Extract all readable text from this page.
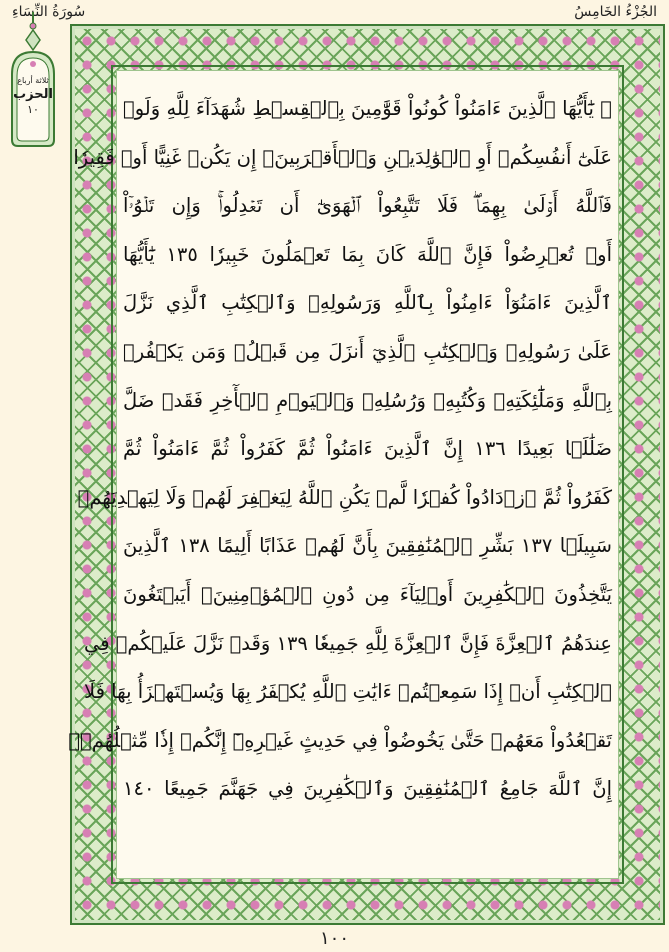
سُورَةُ النِّسَاءِ	الجُزْءُ الخَامِسُ
ثلاثة أرباع
الحزب
١٠	۞ يَٰٓأَيُّهَا ٱلَّذِينَ ءَامَنُواْ كُونُواْ قَوَّٰمِينَ بِٱلۡقِسۡطِ شُهَدَآءَ لِلَّهِ وَلَوۡ
عَلَىٰٓ أَنفُسِكُمۡ أَوِ ٱلۡوَٰلِدَيۡنِ وَٱلۡأَقۡرَبِينَۚ إِن يَكُنۡ غَنِيًّا أَوۡ فَقِيرٗا
فَٱللَّهُ أَوۡلَىٰ بِهِمَاۖ فَلَا تَتَّبِعُواْ ٱلۡهَوَىٰٓ أَن تَعۡدِلُواْۚ وَإِن تَلۡوُۥٓاْ
أَوۡ تُعۡرِضُواْ فَإِنَّ ٱللَّهَ كَانَ بِمَا تَعۡمَلُونَ خَبِيرٗا ١٣٥ يَٰٓأَيُّهَا
ٱلَّذِينَ ءَامَنُوٓاْ ءَامِنُواْ بِٱللَّهِ وَرَسُولِهِۦ وَٱلۡكِتَٰبِ ٱلَّذِي نَزَّلَ
عَلَىٰ رَسُولِهِۦ وَٱلۡكِتَٰبِ ٱلَّذِيٓ أَنزَلَ مِن قَبۡلُۚ وَمَن يَكۡفُرۡ
بِٱللَّهِ وَمَلَٰٓئِكَتِهِۦ وَكُتُبِهِۦ وَرُسُلِهِۦ وَٱلۡيَوۡمِ ٱلۡأٓخِرِ فَقَدۡ ضَلَّ
ضَلَٰلَۢا بَعِيدًا ١٣٦ إِنَّ ٱلَّذِينَ ءَامَنُواْ ثُمَّ كَفَرُواْ ثُمَّ ءَامَنُواْ ثُمَّ
كَفَرُواْ ثُمَّ ٱزۡدَادُواْ كُفۡرٗا لَّمۡ يَكُنِ ٱللَّهُ لِيَغۡفِرَ لَهُمۡ وَلَا لِيَهۡدِيَهُمۡ
سَبِيلَۢا ١٣٧ بَشِّرِ ٱلۡمُنَٰفِقِينَ بِأَنَّ لَهُمۡ عَذَابًا أَلِيمًا ١٣٨ ٱلَّذِينَ
يَتَّخِذُونَ ٱلۡكَٰفِرِينَ أَوۡلِيَآءَ مِن دُونِ ٱلۡمُؤۡمِنِينَۚ أَيَبۡتَغُونَ
عِندَهُمُ ٱلۡعِزَّةَ فَإِنَّ ٱلۡعِزَّةَ لِلَّهِ جَمِيعٗا ١٣٩ وَقَدۡ نَزَّلَ عَلَيۡكُمۡ فِي
ٱلۡكِتَٰبِ أَنۡ إِذَا سَمِعۡتُمۡ ءَايَٰتِ ٱللَّهِ يُكۡفَرُ بِهَا وَيُسۡتَهۡزَأُ بِهَا فَلَا
تَقۡعُدُواْ مَعَهُمۡ حَتَّىٰ يَخُوضُواْ فِي حَدِيثٍ غَيۡرِهِۦٓ إِنَّكُمۡ إِذٗا مِّثۡلُهُمۡۗ
إِنَّ ٱللَّهَ جَامِعُ ٱلۡمُنَٰفِقِينَ وَٱلۡكَٰفِرِينَ فِي جَهَنَّمَ جَمِيعًا ١٤٠
١٠٠
